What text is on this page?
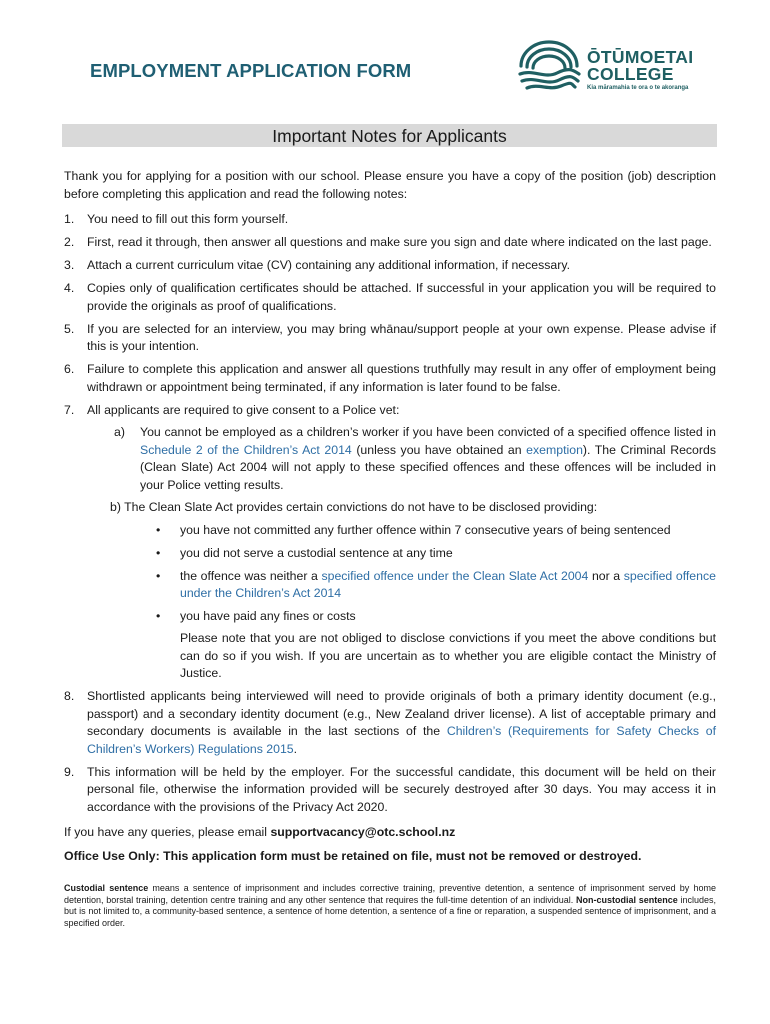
EMPLOYMENT APPLICATION FORM
ŌTŪMOETAI
COLLEGE
Kia māramahia te ora o te akoranga
Important Notes for Applicants

Thank you for applying for a position with our school. Please ensure you have a copy of the position (job) description before completing this application and read the following notes:

1. You need to fill out this form yourself.
2. First, read it through, then answer all questions and make sure you sign and date where indicated on the last page.
3. Attach a current curriculum vitae (CV) containing any additional information, if necessary.
4. Copies only of qualification certificates should be attached. If successful in your application you will be required to provide the originals as proof of qualifications.
5. If you are selected for an interview, you may bring whānau/support people at your own expense. Please advise if this is your intention.
6. Failure to complete this application and answer all questions truthfully may result in any offer of employment being withdrawn or appointment being terminated, if any information is later found to be false.
7. All applicants are required to give consent to a Police vet:
a) You cannot be employed as a children’s worker if you have been convicted of a specified offence listed in Schedule 2 of the Children’s Act 2014 (unless you have obtained an exemption). The Criminal Records (Clean Slate) Act 2004 will not apply to these specified offences and these offences will be included in your Police vetting results.
b) The Clean Slate Act provides certain convictions do not have to be disclosed providing:
• you have not committed any further offence within 7 consecutive years of being sentenced
• you did not serve a custodial sentence at any time
• the offence was neither a specified offence under the Clean Slate Act 2004 nor a specified offence under the Children’s Act 2014
• you have paid any fines or costs
Please note that you are not obliged to disclose convictions if you meet the above conditions but can do so if you wish. If you are uncertain as to whether you are eligible contact the Ministry of Justice.
8. Shortlisted applicants being interviewed will need to provide originals of both a primary identity document (e.g., passport) and a secondary identity document (e.g., New Zealand driver license). A list of acceptable primary and secondary documents is available in the last sections of the Children’s (Requirements for Safety Checks of Children’s Workers) Regulations 2015.
9. This information will be held by the employer. For the successful candidate, this document will be held on their personal file, otherwise the information provided will be securely destroyed after 30 days. You may access it in accordance with the provisions of the Privacy Act 2020.

If you have any queries, please email supportvacancy@otc.school.nz

Office Use Only: This application form must be retained on file, must not be removed or destroyed.

Custodial sentence means a sentence of imprisonment and includes corrective training, preventive detention, a sentence of imprisonment served by home detention, borstal training, detention centre training and any other sentence that requires the full-time detention of an individual. Non-custodial sentence includes, but is not limited to, a community-based sentence, a sentence of home detention, a sentence of a fine or reparation, a suspended sentence of imprisonment, and a specified order.
